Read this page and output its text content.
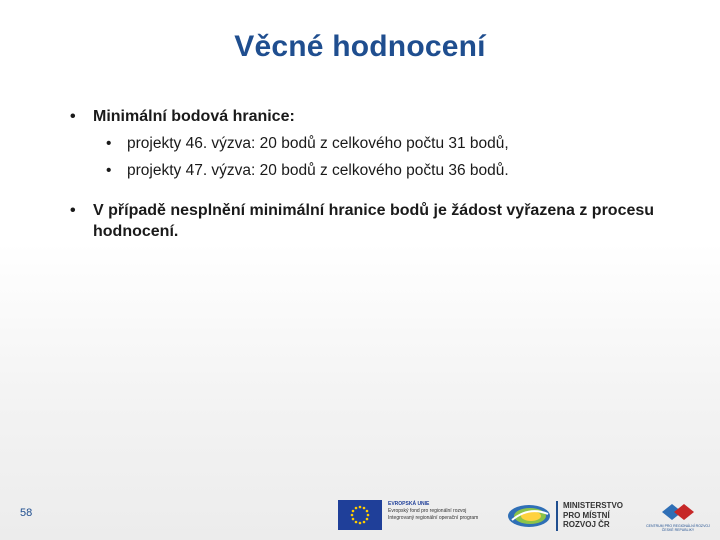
Věcné hodnocení
• Minimální bodová hranice:
• projekty 46. výzva: 20 bodů z celkového počtu 31 bodů,
• projekty 47. výzva: 20 bodů z celkového počtu 36 bodů.
• V případě nesplnění minimální hranice bodů je žádost vyřazena z procesu hodnocení.
58
EVROPSKÁ UNIE
Evropský fond pro regionální rozvoj
Integrovaný regionální operační program
MINISTERSTVO
PRO MÍSTNÍ
ROZVOJ ČR	CENTRUM PRO REGIONÁLNÍ ROZVOJ
ČESKÉ REPUBLIKY
